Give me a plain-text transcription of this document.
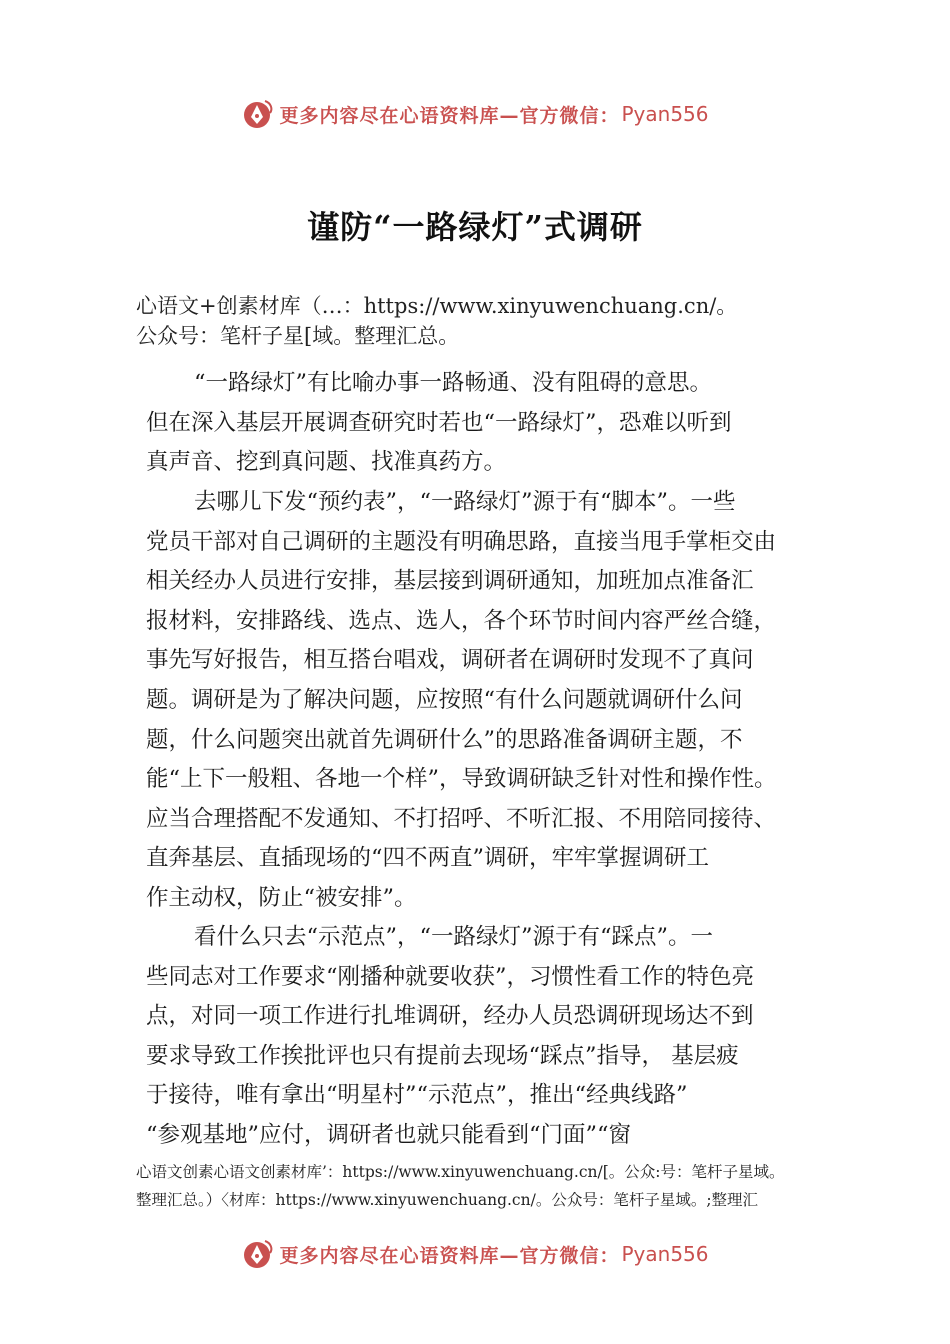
更多内容尽在心语资料库—官方微信： Pyan556
谨防“一路绿灯”式调研
心语文+创素材库（…：https://www.xinyuwenchuang.cn/。
公众号：笔杆子星[域。整理汇总。
“一路绿灯”有比喻办事一路畅通、没有阻碍的意思。
但在深入基层开展调查研究时若也“一路绿灯”，恐难以听到
真声音、挖到真问题、找准真药方。
去哪儿下发“预约表”，“一路绿灯”源于有“脚本”。一些
党员干部对自己调研的主题没有明确思路，直接当甩手掌柜交由
相关经办人员进行安排，基层接到调研通知，加班加点准备汇
报材料，安排路线、选点、选人，各个环节时间内容严丝合缝，
事先写好报告，相互搭台唱戏，调研者在调研时发现不了真问
题。调研是为了解决问题，应按照“有什么问题就调研什么问
题，什么问题突出就首先调研什么”的思路准备调研主题，不
能“上下一般粗、各地一个样”，导致调研缺乏针对性和操作性。
应当合理搭配不发通知、不打招呼、不听汇报、不用陪同接待、
直奔基层、直插现场的“四不两直”调研，牢牢掌握调研工
作主动权，防止“被安排”。
看什么只去“示范点”，“一路绿灯”源于有“踩点”。一
些同志对工作要求“刚播种就要收获”，习惯性看工作的特色亮
点，对同一项工作进行扎堆调研，经办人员恐调研现场达不到
要求导致工作挨批评也只有提前去现场“踩点”指导， 基层疲
于接待，唯有拿出“明星村”“示范点”，推出“经典线路”
“参观基地”应付，调研者也就只能看到“门面”“窗
心语文创素心语文创素材库’：https://www.xinyuwenchuang.cn/[。公众:号：笔杆子星域。
整理汇总。）〈材库：https://www.xinyuwenchuang.cn/。公众号：笔杆子星域。;整理汇
更多内容尽在心语资料库—官方微信： Pyan556
